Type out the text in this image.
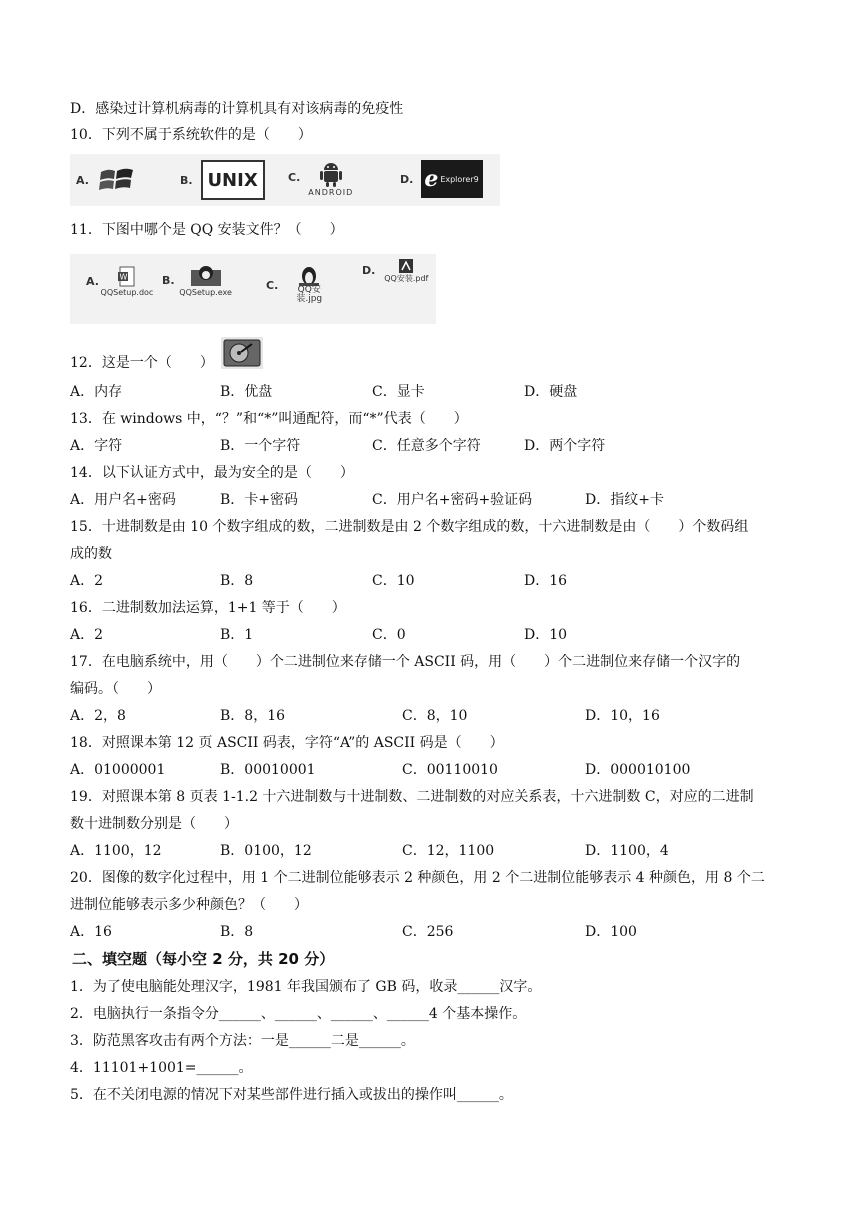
D．感染过计算机病毒的计算机具有对该病毒的免疫性
10．下列不属于系统软件的是（　　）
A.	B. UNIX	C.
ANDROID
D. e Explorer9
11．下图中哪个是 QQ 安装文件？（　　）
A.	W
QQSetup.doc
B.
QQSetup.exe
C.	QQ安装.jpg
D.
QQ安装.pdf
12．这是一个（　　）
A．内存	B．优盘	C．显卡	D．硬盘
13．在 windows 中，“？”和“*”叫通配符，而“*”代表（　　）
A．字符	B．一个字符	C．任意多个字符	D．两个字符
14．以下认证方式中，最为安全的是（　　）
A．用户名+密码	B．卡+密码	C．用户名+密码+验证码	D．指纹+卡
15．十进制数是由 10 个数字组成的数，二进制数是由 2 个数字组成的数，十六进制数是由（　　）个数码组
成的数
A．2	B．8	C．10	D．16
16．二进制数加法运算，1+1 等于（　　）
A．2	B．1	C．0	D．10
17．在电脑系统中，用（　　）个二进制位来存储一个 ASCII 码，用（　　）个二进制位来存储一个汉字的
编码。（　　）
A．2，8	B．8，16	C．8，10	D．10，16
18．对照课本第 12 页 ASCII 码表，字符“A”的 ASCII 码是（　　）
A．01000001	B．00010001	C．00110010	D．000010100
19．对照课本第 8 页表 1-1.2 十六进制数与十进制数、二进制数的对应关系表，十六进制数 C，对应的二进制
数十进制数分别是（　　）
A．1100，12	B．0100，12	C．12，1100	D．1100，4
20．图像的数字化过程中，用 1 个二进制位能够表示 2 种颜色，用 2 个二进制位能够表示 4 种颜色，用 8 个二
进制位能够表示多少种颜色？（　　）
A．16	B．8	C．256	D．100
二、填空题（每小空 2 分，共 20 分）
1．为了使电脑能处理汉字，1981 年我国颁布了 GB 码，收录______汉字。
2．电脑执行一条指令分______、______、______、______4 个基本操作。
3．防范黑客攻击有两个方法：一是______二是______。
4．11101+1001=______。
5．在不关闭电源的情况下对某些部件进行插入或拔出的操作叫______。
